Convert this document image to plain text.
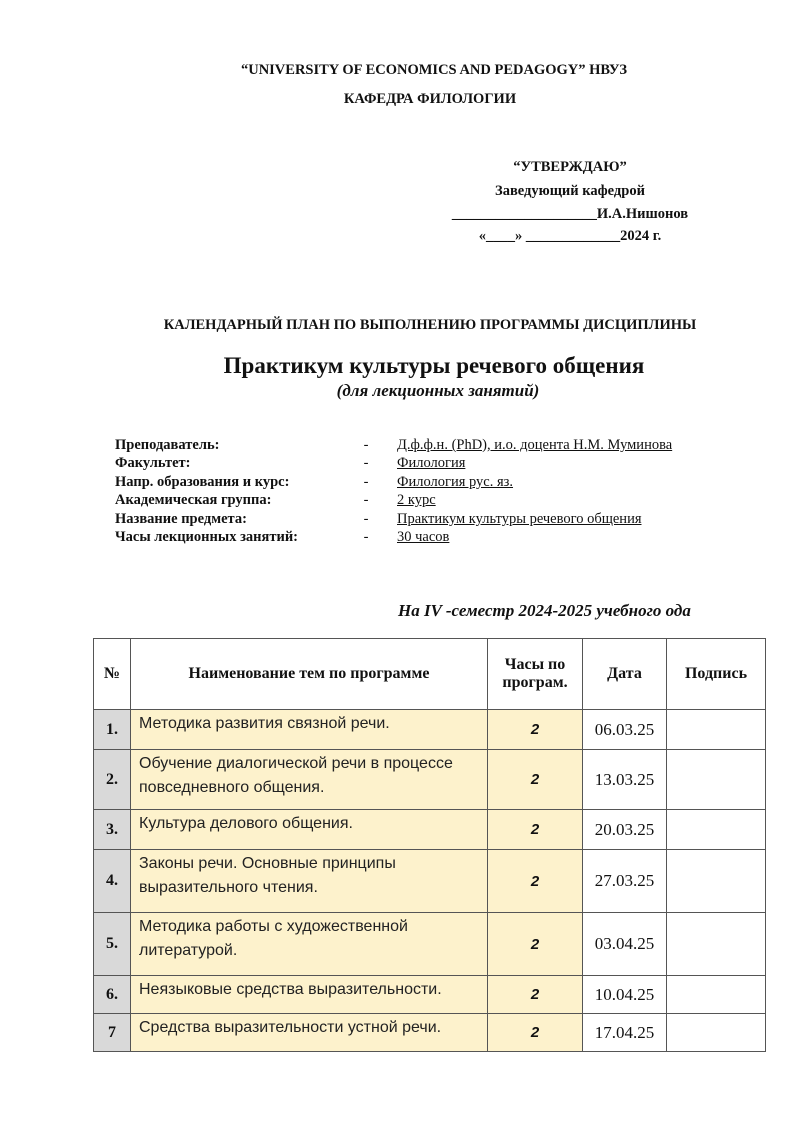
“UNIVERSITY OF ECONOMICS AND PEDAGOGY” НВУЗ
КАФЕДРА ФИЛОЛОГИИ
“УТВЕРЖДАЮ”
Заведующий кафедрой
____________________И.А.Нишонов
«____» _____________2024 г.
КАЛЕНДАРНЫЙ ПЛАН ПО ВЫПОЛНЕНИЮ ПРОГРАММЫ ДИСЦИПЛИНЫ
Практикум культуры речевого общения
(для лекционных занятий)
Преподаватель:	- Д.ф.ф.н. (PhD), и.о. доцента Н.М. Муминова
Факультет:	- Филология
Напр. образования и курс:	- Филология рус. яз.
Академическая группа:	- 2 курс
Название предмета:	- Практикум культуры речевого общения
Часы лекционных занятий:	- 30 часов
На IV -семестр 2024-2025 учебного ода
№	Наименование тем по программе	Часы по програм.	Дата	Подпись
1.	Методика развития связной речи.	2	06.03.25	
2.	Обучение диалогической речи в процессе повседневного общения.	2	13.03.25	
3.	Культура делового общения.	2	20.03.25	
4.	Законы речи. Основные принципы выразительного чтения.	2	27.03.25	
5.	Методика работы с художественной литературой.	2	03.04.25	
6.	Неязыковые средства выразительности.	2	10.04.25	
7	Средства выразительности устной речи.	2	17.04.25	
